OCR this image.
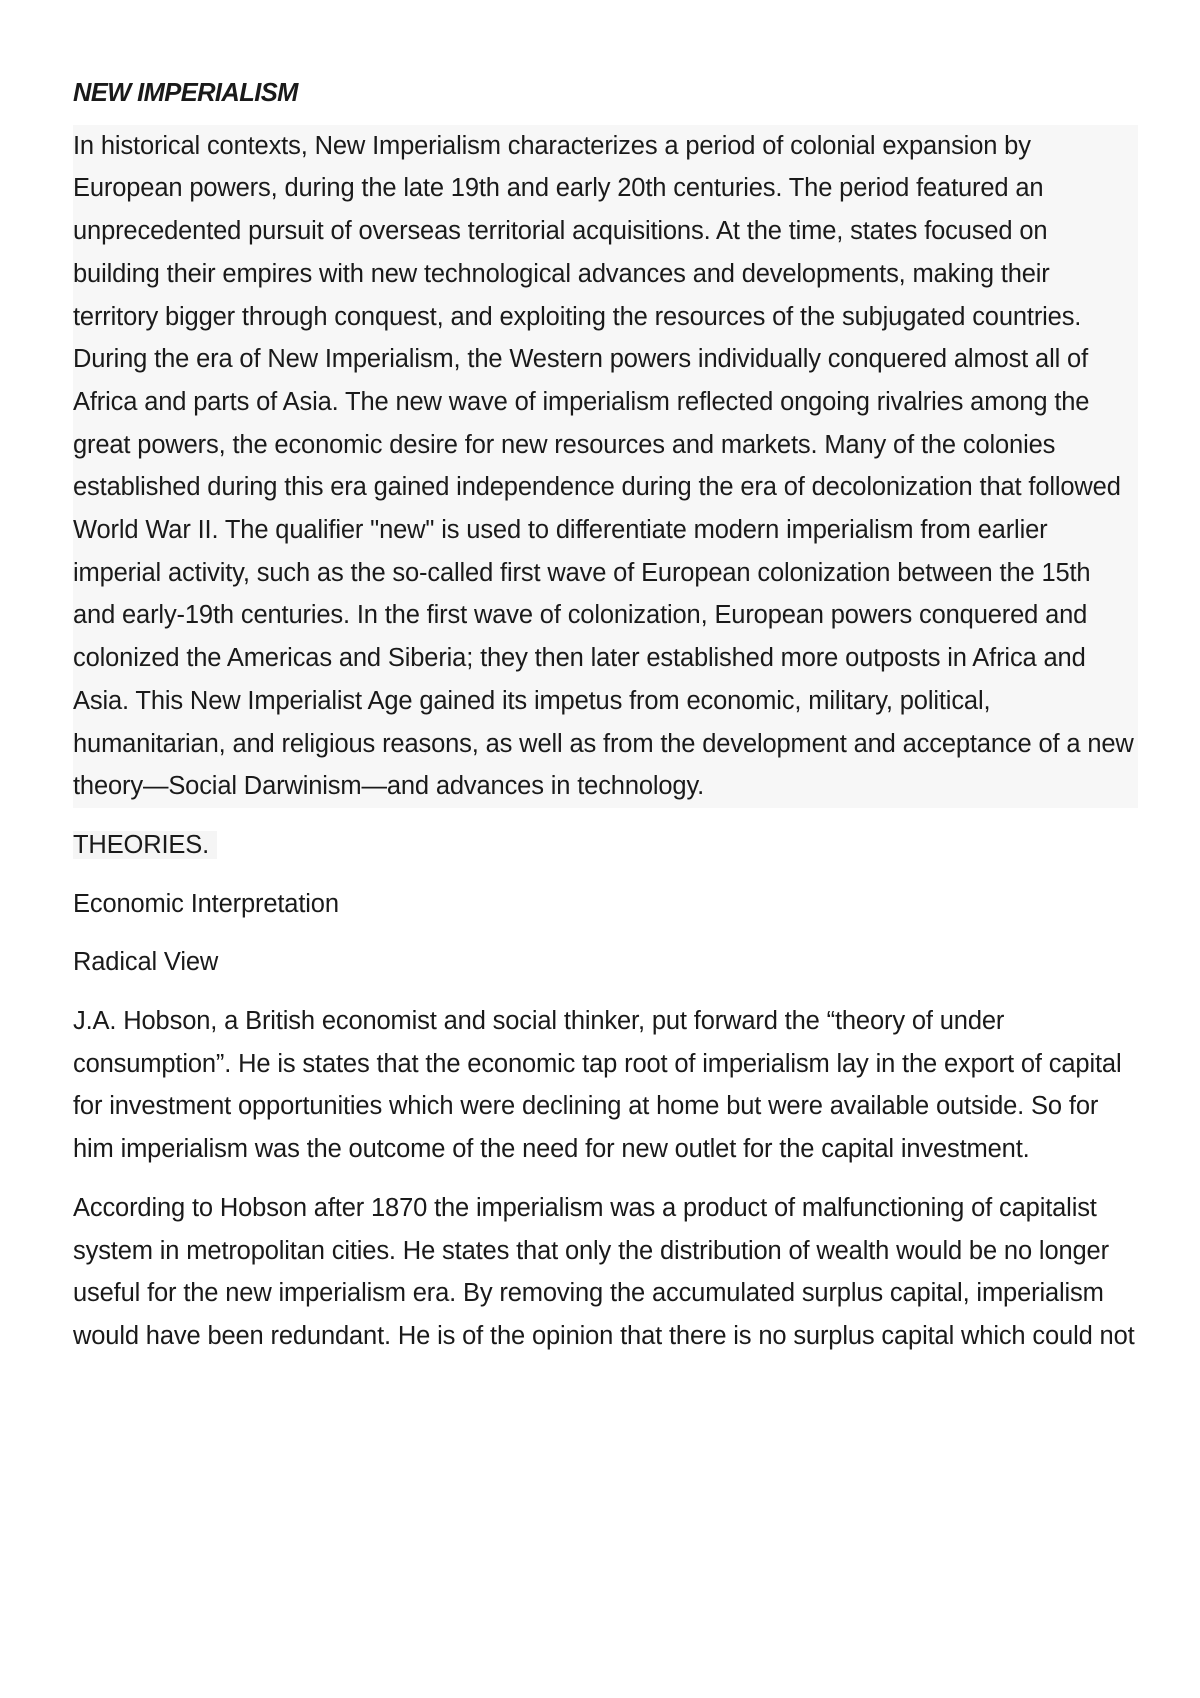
NEW IMPERIALISM

In historical contexts, New Imperialism characterizes a period of colonial expansion by European powers, during the late 19th and early 20th centuries. The period featured an unprecedented pursuit of overseas territorial acquisitions. At the time, states focused on building their empires with new technological advances and developments, making their territory bigger through conquest, and exploiting the resources of the subjugated countries. During the era of New Imperialism, the Western powers individually conquered almost all of Africa and parts of Asia. The new wave of imperialism reflected ongoing rivalries among the great powers, the economic desire for new resources and markets. Many of the colonies established during this era gained independence during the era of decolonization that followed World War II. The qualifier "new" is used to differentiate modern imperialism from earlier imperial activity, such as the so-called first wave of European colonization between the 15th and early-19th centuries. In the first wave of colonization, European powers conquered and colonized the Americas and Siberia; they then later established more outposts in Africa and Asia. This New Imperialist Age gained its impetus from economic, military, political, humanitarian, and religious reasons, as well as from the development and acceptance of a new theory—Social Darwinism—and advances in technology.

THEORIES.
Economic Interpretation
Radical View

J.A. Hobson, a British economist and social thinker, put forward the “theory of under consumption”. He is states that the economic tap root of imperialism lay in the export of capital for investment opportunities which were declining at home but were available outside. So for him imperialism was the outcome of the need for new outlet for the capital investment.

According to Hobson after 1870 the imperialism was a product of malfunctioning of capitalist system in metropolitan cities. He states that only the distribution of wealth would be no longer useful for the new imperialism era. By removing the accumulated surplus capital, imperialism would have been redundant. He is of the opinion that there is no surplus capital which could not
